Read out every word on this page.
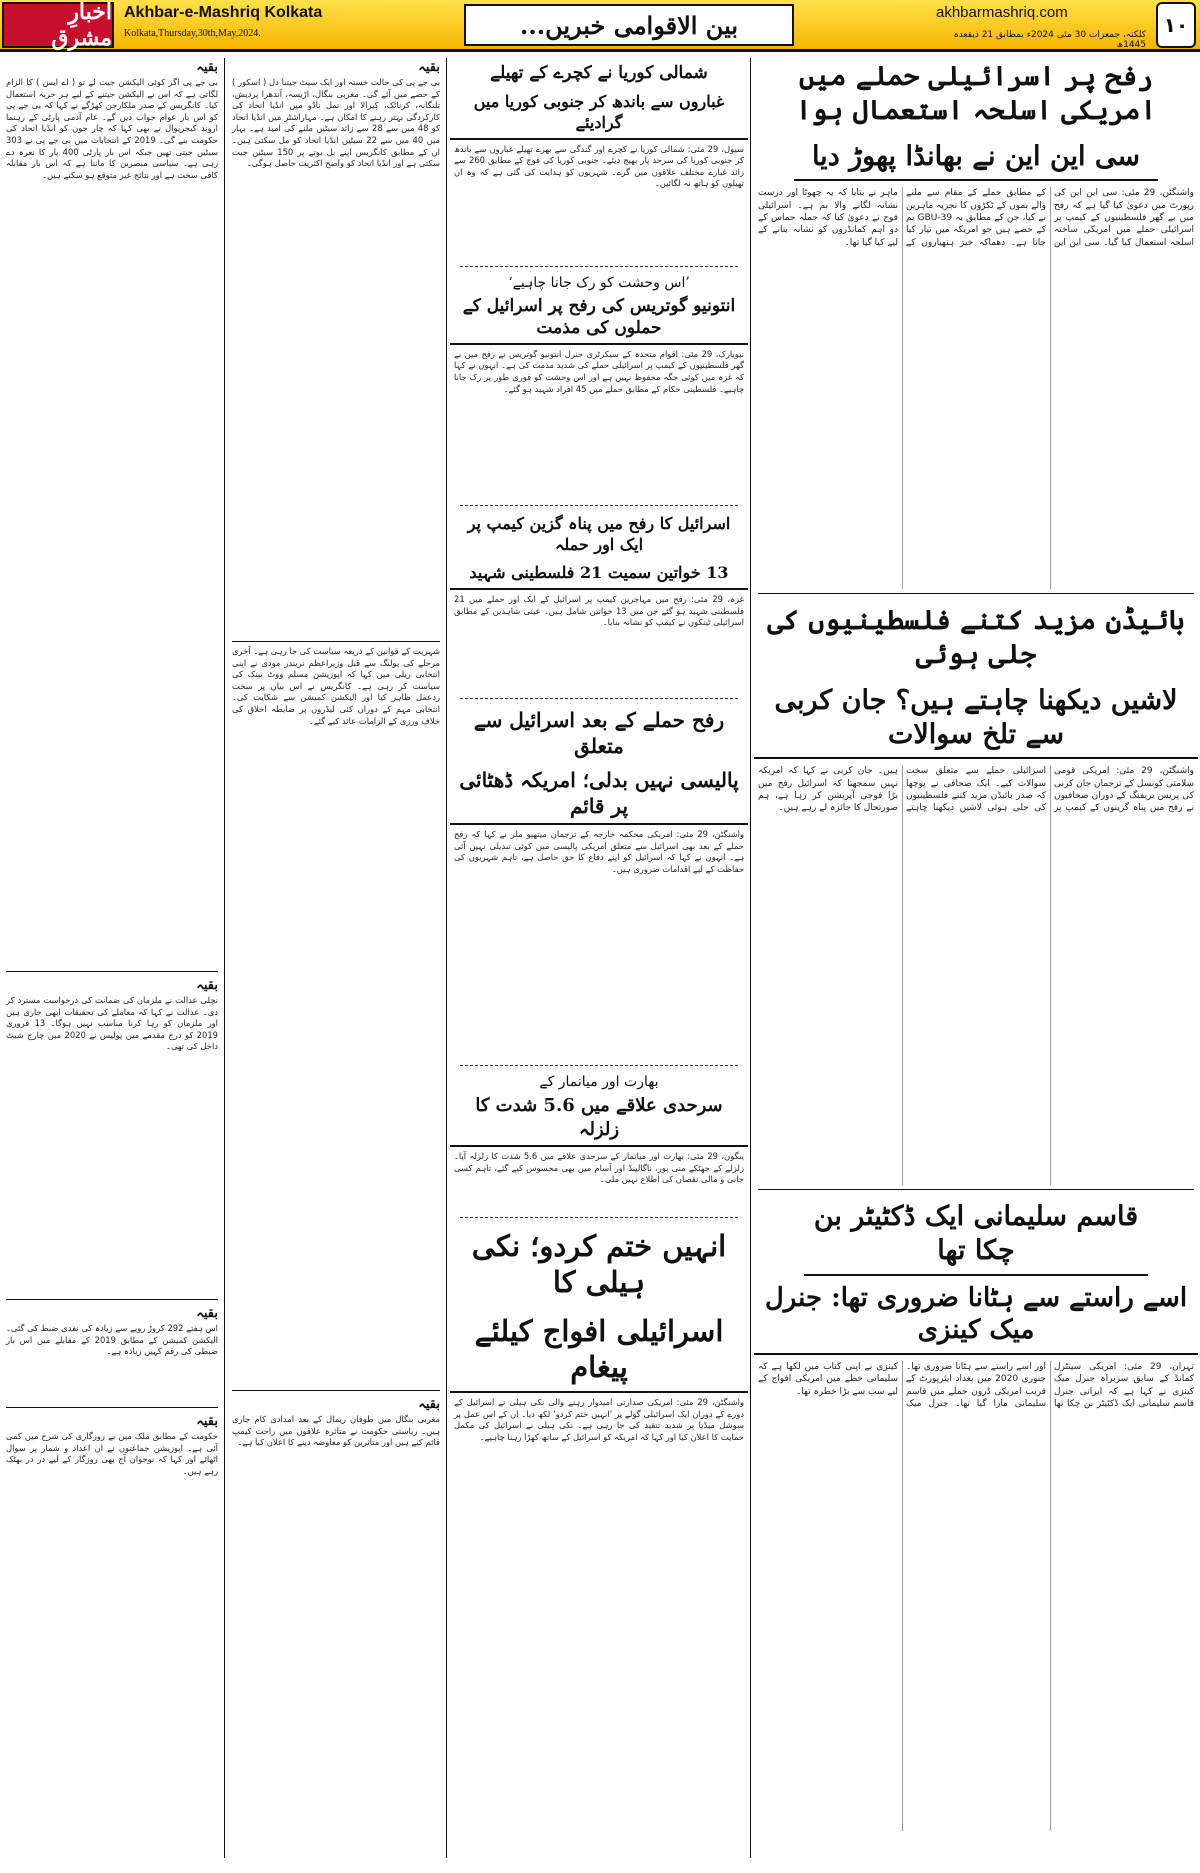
اخبارِ مشرق
Akhbar-e-Mashriq Kolkata
Kolkata,Thursday,30th,May,2024.	بین الاقوامی خبریں...	akhbarmashriq.com
کلکتہ، جمعرات 30 مئی 2024ء بمطابق 21 ذیقعدہ 1445ھ
۱۰
رفح پر اسرائیلی حملے میں امریکی اسلحہ استعمال ہوا
سی این این نے بھانڈا پھوڑ دیا
واشنگٹن، 29 مئی: سی این این کی رپورٹ میں دعویٰ کیا گیا ہے کہ رفح میں بے گھر فلسطینیوں کے کیمپ پر اسرائیلی حملے میں امریکی ساختہ اسلحہ استعمال کیا گیا۔ سی این این کے مطابق حملے کے مقام سے ملنے والے بموں کے ٹکڑوں کا تجزیہ ماہرین نے کیا، جن کے مطابق یہ GBU-39 بم کے حصے ہیں جو امریکہ میں تیار کیا جاتا ہے۔ دھماکہ خیز ہتھیاروں کے ماہر نے بتایا کہ یہ چھوٹا اور درست نشانہ لگانے والا بم ہے۔ اسرائیلی فوج نے دعویٰ کیا کہ حملہ حماس کے دو اہم کمانڈروں کو نشانہ بنانے کے لیے کیا گیا تھا۔
بائیڈن مزید کتنے فلسطینیوں کی جلی ہوئی
لاشیں دیکھنا چاہتے ہیں؟ جان کربی سے تلخ سوالات
واشنگٹن، 29 مئی: امریکی قومی سلامتی کونسل کے ترجمان جان کربی کی پریس بریفنگ کے دوران صحافیوں نے رفح میں پناہ گزینوں کے کیمپ پر اسرائیلی حملے سے متعلق سخت سوالات کیے۔ ایک صحافی نے پوچھا کہ صدر بائیڈن مزید کتنے فلسطینیوں کی جلی ہوئی لاشیں دیکھنا چاہتے ہیں۔ جان کربی نے کہا کہ امریکہ نہیں سمجھتا کہ اسرائیل رفح میں بڑا فوجی آپریشن کر رہا ہے، ہم صورتحال کا جائزہ لے رہے ہیں۔
قاسم سلیمانی ایک ڈکٹیٹر بن چکا تھا
اسے راستے سے ہٹانا ضروری تھا: جنرل میک کینزی
تہران، 29 مئی: امریکی سینٹرل کمانڈ کے سابق سربراہ جنرل میک کینزی نے کہا ہے کہ ایرانی جنرل قاسم سلیمانی ایک ڈکٹیٹر بن چکا تھا اور اسے راستے سے ہٹانا ضروری تھا۔ جنوری 2020 میں بغداد ایئرپورٹ کے قریب امریکی ڈرون حملے میں قاسم سلیمانی مارا گیا تھا۔ جنرل میک کینزی نے اپنی کتاب میں لکھا ہے کہ سلیمانی خطے میں امریکی افواج کے لیے سب سے بڑا خطرہ تھا۔
شمالی کوریا نے کچرے کے تھیلے
غباروں سے باندھ کر جنوبی کوریا میں گرادیئے
سیول، 29 مئی: شمالی کوریا نے کچرے اور گندگی سے بھرے تھیلے غباروں سے باندھ کر جنوبی کوریا کی سرحد پار بھیج دیئے۔ جنوبی کوریا کی فوج کے مطابق 260 سے زائد غبارے مختلف علاقوں میں گرے۔ شہریوں کو ہدایت کی گئی ہے کہ وہ ان تھیلوں کو ہاتھ نہ لگائیں۔
’اس وحشت کو رک جانا چاہیے‘
انتونیو گوتریس کی رفح پر اسرائیل کے حملوں کی مذمت
نیویارک، 29 مئی: اقوام متحدہ کے سیکرٹری جنرل انتونیو گوتریس نے رفح میں بے گھر فلسطینیوں کے کیمپ پر اسرائیلی حملے کی شدید مذمت کی ہے۔ انہوں نے کہا کہ غزہ میں کوئی جگہ محفوظ نہیں ہے اور اس وحشت کو فوری طور پر رک جانا چاہیے۔ فلسطینی حکام کے مطابق حملے میں 45 افراد شہید ہو گئے۔
اسرائیل کا رفح میں پناہ گزین کیمپ پر ایک اور حملہ
13 خواتین سمیت 21 فلسطینی شہید
غزہ، 29 مئی: رفح میں مہاجرین کیمپ پر اسرائیل کے ایک اور حملے میں 21 فلسطینی شہید ہو گئے جن میں 13 خواتین شامل ہیں۔ عینی شاہدین کے مطابق اسرائیلی ٹینکوں نے کیمپ کو نشانہ بنایا۔
رفح حملے کے بعد اسرائیل سے متعلق
پالیسی نہیں بدلی؛ امریکہ ڈھٹائی پر قائم
واشنگٹن، 29 مئی: امریکی محکمہ خارجہ کے ترجمان میتھیو ملر نے کہا کہ رفح حملے کے بعد بھی اسرائیل سے متعلق امریکی پالیسی میں کوئی تبدیلی نہیں آئی ہے۔ انہوں نے کہا کہ اسرائیل کو اپنے دفاع کا حق حاصل ہے، تاہم شہریوں کی حفاظت کے لیے اقدامات ضروری ہیں۔
بھارت اور میانمار کے
سرحدی علاقے میں 5.6 شدت کا زلزلہ
ینگون، 29 مئی: بھارت اور میانمار کے سرحدی علاقے میں 5.6 شدت کا زلزلہ آیا۔ زلزلے کے جھٹکے منی پور، ناگالینڈ اور آسام میں بھی محسوس کیے گئے، تاہم کسی جانی و مالی نقصان کی اطلاع نہیں ملی۔
انہیں ختم کردو؛ نکی ہیلی کا
اسرائیلی افواج کیلئے پیغام
واشنگٹن، 29 مئی: امریکی صدارتی امیدوار رہنے والی نکی ہیلی نے اسرائیل کے دورے کے دوران ایک اسرائیلی گولے پر ’انہیں ختم کردو‘ لکھ دیا۔ ان کے اس عمل پر سوشل میڈیا پر شدید تنقید کی جا رہی ہے۔ نکی ہیلی نے اسرائیل کی مکمل حمایت کا اعلان کیا اور کہا کہ امریکہ کو اسرائیل کے ساتھ کھڑا رہنا چاہیے۔
بقیہ
بی جے پی کی حالت خستہ اور ایک سیٹ جیتنا دل ( اسکور ) کے حصے میں آئے گی۔ مغربی بنگال، اڑیسہ، آندھرا پردیش، تلنگانہ، کرناٹک، کیرالا اور تمل ناڈو میں انڈیا اتحاد کی کارکردگی بہتر رہنے کا امکان ہے۔ مہاراشٹر میں انڈیا اتحاد کو 48 میں سے 28 سے زائد سیٹیں ملنے کی امید ہے۔ بہار میں 40 میں سے 22 سیٹیں انڈیا اتحاد کو مل سکتی ہیں۔ ان کے مطابق کانگریس اپنے بل بوتے پر 150 سیٹیں جیت سکتی ہے اور انڈیا اتحاد کو واضح اکثریت حاصل ہوگی۔
شہریت کے قوانین کے ذریعہ سیاست کی جا رہی ہے۔ آخری مرحلے کی پولنگ سے قبل وزیراعظم نریندر مودی نے اپنی انتخابی ریلی میں کہا کہ اپوزیشن مسلم ووٹ بینک کی سیاست کر رہی ہے۔ کانگریس نے اس بیان پر سخت ردعمل ظاہر کیا اور الیکشن کمیشن سے شکایت کی۔ انتخابی مہم کے دوران کئی لیڈروں پر ضابطہ اخلاق کی خلاف ورزی کے الزامات عائد کیے گئے۔
بقیہ
مغربی بنگال میں طوفان ریمال کے بعد امدادی کام جاری ہیں۔ ریاستی حکومت نے متاثرہ علاقوں میں راحت کیمپ قائم کیے ہیں اور متاثرین کو معاوضہ دینے کا اعلان کیا ہے۔
بقیہ
بی جے پی اگر کوئی الیکشن جیت لے تو ( اے ایس ) کا الزام لگاتی ہے کہ اس نے الیکشن جیتنے کے لیے ہر حربہ استعمال کیا۔ کانگریس کے صدر ملکارجن کھڑگے نے کہا کہ بی جے پی کو اس بار عوام جواب دیں گے۔ عام آدمی پارٹی کے رہنما اروند کیجریوال نے بھی کہا کہ چار جون کو انڈیا اتحاد کی حکومت بنے گی۔ 2019 کے انتخابات میں بی جے پی نے 303 سیٹیں جیتی تھیں جبکہ اس بار پارٹی 400 پار کا نعرہ دے رہی ہے۔ سیاسی مبصرین کا ماننا ہے کہ اس بار مقابلہ کافی سخت ہے اور نتائج غیر متوقع ہو سکتے ہیں۔
بقیہ
نچلی عدالت نے ملزمان کی ضمانت کی درخواست مسترد کر دی۔ عدالت نے کہا کہ معاملے کی تحقیقات ابھی جاری ہیں اور ملزمان کو رہا کرنا مناسب نہیں ہوگا۔ 13 فروری 2019 کو درج مقدمے میں پولیس نے 2020 میں چارج شیٹ داخل کی تھی۔
بقیہ
اس ہفتے 292 کروڑ روپے سے زیادہ کی نقدی ضبط کی گئی۔ الیکشن کمیشن کے مطابق 2019 کے مقابلے میں اس بار ضبطی کی رقم کہیں زیادہ ہے۔
بقیہ
حکومت کے مطابق ملک میں بے روزگاری کی شرح میں کمی آئی ہے۔ اپوزیشن جماعتوں نے ان اعداد و شمار پر سوال اٹھائے اور کہا کہ نوجوان آج بھی روزگار کے لیے در در بھٹک رہے ہیں۔
